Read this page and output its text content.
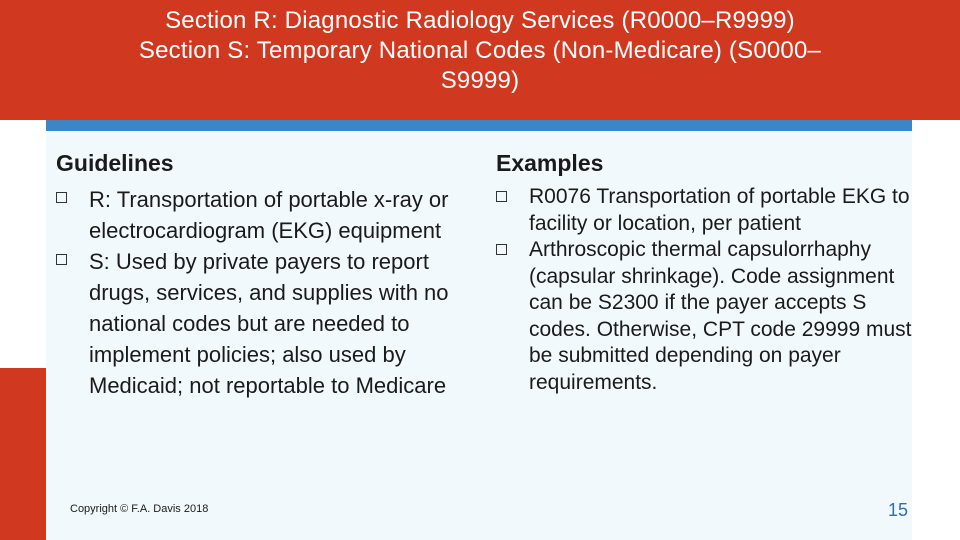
Section R: Diagnostic Radiology Services (R0000–R9999)
Section S: Temporary National Codes (Non-Medicare) (S0000–
S9999)
Guidelines
R: Transportation of portable x-ray or electrocardiogram (EKG) equipment
S: Used by private payers to report drugs, services, and supplies with no national codes but are needed to implement policies; also used by Medicaid; not reportable to Medicare
Examples
R0076 Transportation of portable EKG to facility or location, per patient
Arthroscopic thermal capsulorrhaphy (capsular shrinkage). Code assignment can be S2300 if the payer accepts S codes. Otherwise, CPT code 29999 must be submitted depending on payer requirements.
Copyright © F.A. Davis 2018	15
